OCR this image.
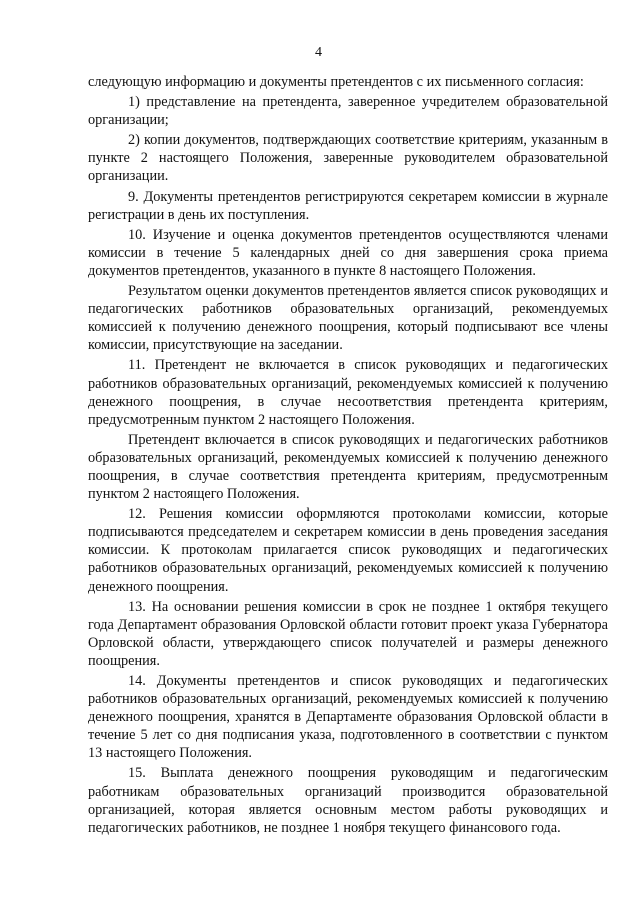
4

следующую информацию и документы претендентов с их письменного согласия:

1) представление на претендента, заверенное учредителем образовательной организации;

2) копии документов, подтверждающих соответствие критериям, указанным в пункте 2 настоящего Положения, заверенные руководителем образовательной организации.

9. Документы претендентов регистрируются секретарем комиссии в журнале регистрации в день их поступления.

10. Изучение и оценка документов претендентов осуществляются членами комиссии в течение 5 календарных дней со дня завершения срока приема документов претендентов, указанного в пункте 8 настоящего Положения.

Результатом оценки документов претендентов является список руководящих и педагогических работников образовательных организаций, рекомендуемых комиссией к получению денежного поощрения, который подписывают все члены комиссии, присутствующие на заседании.

11. Претендент не включается в список руководящих и педагогических работников образовательных организаций, рекомендуемых комиссией к получению денежного поощрения, в случае несоответствия претендента критериям, предусмотренным пунктом 2 настоящего Положения.

Претендент включается в список руководящих и педагогических работников образовательных организаций, рекомендуемых комиссией к получению денежного поощрения, в случае соответствия претендента критериям, предусмотренным пунктом 2 настоящего Положения.

12. Решения комиссии оформляются протоколами комиссии, которые подписываются председателем и секретарем комиссии в день проведения заседания комиссии. К протоколам прилагается список руководящих и педагогических работников образовательных организаций, рекомендуемых комиссией к получению денежного поощрения.

13. На основании решения комиссии в срок не позднее 1 октября текущего года Департамент образования Орловской области готовит проект указа Губернатора Орловской области, утверждающего список получателей и размеры денежного поощрения.

14. Документы претендентов и список руководящих и педагогических работников образовательных организаций, рекомендуемых комиссией к получению денежного поощрения, хранятся в Департаменте образования Орловской области в течение 5 лет со дня подписания указа, подготовленного в соответствии с пунктом 13 настоящего Положения.

15. Выплата денежного поощрения руководящим и педагогическим работникам образовательных организаций производится образовательной организацией, которая является основным местом работы руководящих и педагогических работников, не позднее 1 ноября текущего финансового года.
